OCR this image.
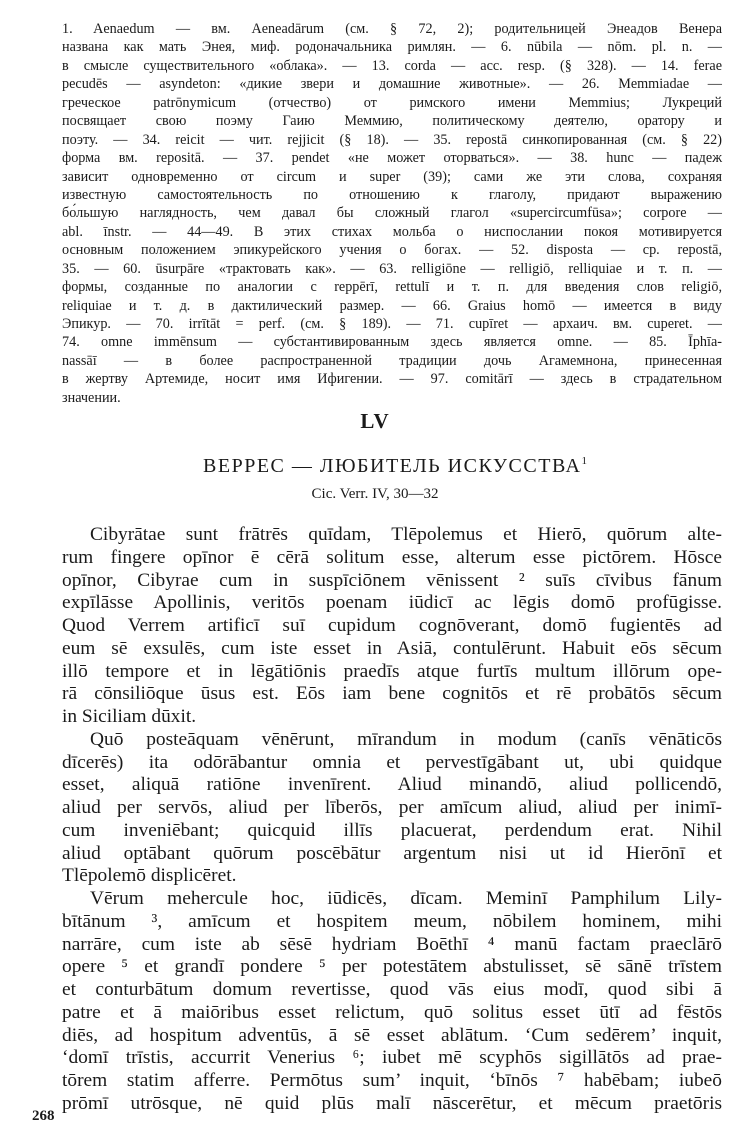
1. Aenaedum — вм. Aeneadārum (см. § 72, 2); родительницей Энеадов Венера
названа как мать Энея, миф. родоначальника римлян. — 6. nūbila — nōm. pl. n. —
в смысле существительного «облака». — 13. corda — acc. resp. (§ 328). — 14. ferae
pecudēs — asyndeton: «дикие звери и домашние животные». — 26. Memmiadae —
греческое patrōnymicum (отчество) от римского имени Memmius; Лукреций
посвящает свою поэму Гаию Меммию, политическому деятелю, оратору и
поэту. — 34. reicit — чит. rejjicit (§ 18). — 35. repostā синкопированная (см. § 22)
форма вм. repositā. — 37. pendet «не может оторваться». — 38. hunc — падеж
зависит одновременно от circum и super (39); сами же эти слова, сохраняя
известную самостоятельность по отношению к глаголу, придают выражению
бо́льшую наглядность, чем давал бы сложный глагол «supercircumfūsa»; corpore —
abl. īnstr. — 44—49. В этих стихах мольба о ниспослании покоя мотивируется
основным положением эпикурейского учения о богах. — 52. disposta — ср. repostā,
35. — 60. ūsurpāre «трактовать как». — 63. relligiōne — relligiō, relliquiae и т. п. —
формы, созданные по аналогии с reppērī, rettulī и т. п. для введения слов religiō,
reliquiae и т. д. в дактилический размер. — 66. Graius homō — имеется в виду
Эпикур. — 70. irrītāt = perf. (см. § 189). — 71. cupīret — архаич. вм. cuperet. —
74. omne immēnsum — субстантивированным здесь является omne. — 85. Īphīa-
nassāī — в более распространенной традиции дочь Агамемнона, принесенная
в жертву Артемиде, носит имя Ифигении. — 97. comitārī — здесь в страдательном
значении.
LV
ВЕРРЕС — ЛЮБИТЕЛЬ ИСКУССТВА$^1$
Cic. Verr. IV, 30—32
Cibyrātae sunt frātrēs quīdam, Tlēpolemus et Hierō, quōrum alte-
rum fingere opīnor ē cērā solitum esse, alterum esse pictōrem. Hōsce
opīnor, Cibyrae cum in suspīciōnem vēnissent ² suīs cīvibus fānum
expīlāsse Apollinis, veritōs poenam iūdicī ac lēgis domō profūgisse.
Quod Verrem artificī suī cupidum cognōverant, domō fugientēs ad
eum sē exsulēs, cum iste esset in Asiā, contulērunt. Habuit eōs sēcum
illō tempore et in lēgātiōnis praedīs atque furtīs multum illōrum ope-
rā cōnsiliōque ūsus est. Eōs iam bene cognitōs et rē probātōs sēcum
in Siciliam dūxit.
Quō posteāquam vēnērunt, mīrandum in modum (canīs vēnāticōs
dīcerēs) ita odōrābantur omnia et pervestīgābant ut, ubi quidque
esset, aliquā ratiōne invenīrent. Aliud minandō, aliud pollicendō,
aliud per servōs, aliud per līberōs, per amīcum aliud, aliud per inimī-
cum inveniēbant; quicquid illīs placuerat, perdendum erat. Nihil
aliud optābant quōrum poscēbātur argentum nisi ut id Hierōnī et
Tlēpolemō displicēret.
Vērum mehercule hoc, iūdicēs, dīcam. Meminī Pamphilum Lily-
bītānum ³, amīcum et hospitem meum, nōbilem hominem, mihi
narrāre, cum iste ab sēsē hydriam Boēthī ⁴ manū factam praeclārō
opere ⁵ et grandī pondere ⁵ per potestātem abstulisset, sē sānē trīstem
et conturbātum domum revertisse, quod vās eius modī, quod sibi ā
patre et ā maiōribus esset relictum, quō solitus esset ūtī ad fēstōs
diēs, ad hospitum adventūs, ā sē esset ablātum. ‘Cum sedērem’ inquit,
‘domī trīstis, accurrit Venerius ⁶; iubet mē scyphōs sigillātōs ad prae-
tōrem statim afferre. Permōtus sum’ inquit, ‘bīnōs ⁷ habēbam; iubeō
prōmī utrōsque, nē quid plūs malī nāscerētur, et mēcum praetōris
268
